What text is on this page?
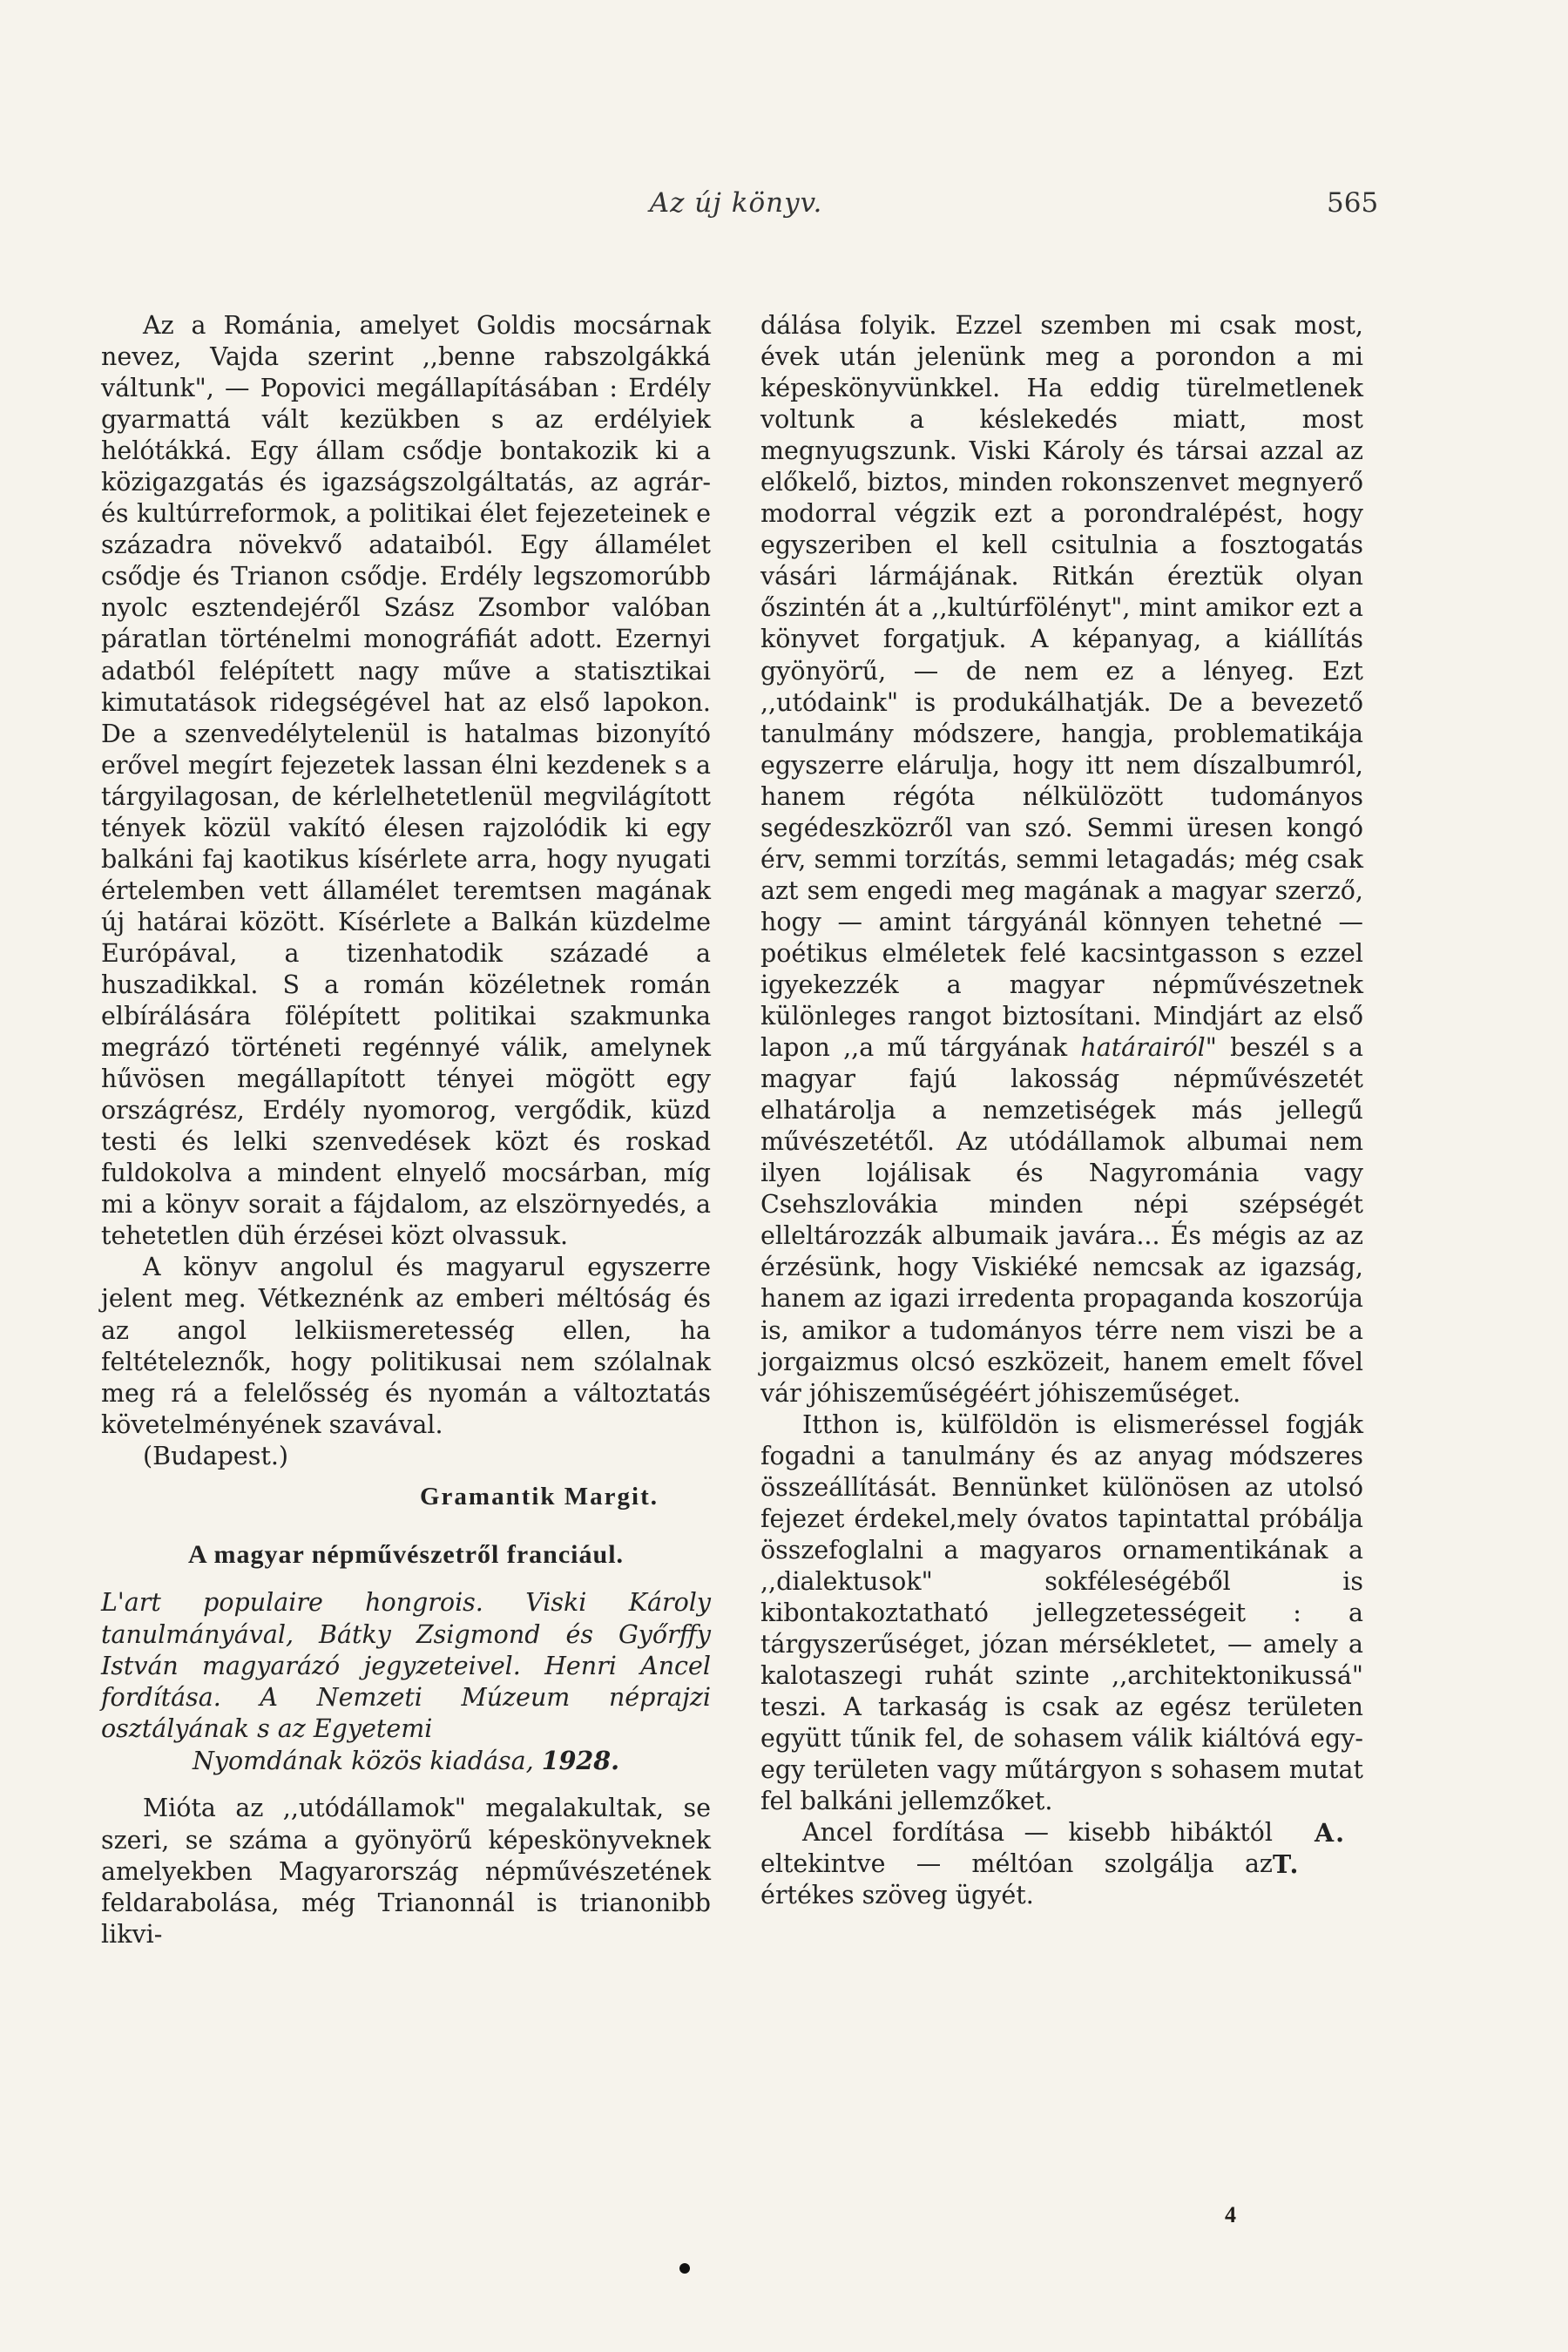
Az új könyv.	565

Az a Románia, amelyet Goldis mocsárnak nevez, Vajda szerint ,,benne rabszolgákká váltunk", — Popovici megállapításában : Erdély gyarmattá vált kezükben s az erdélyiek helótákká. Egy állam csődje bontakozik ki a közigazgatás és igazságszolgáltatás, az agrár- és kultúrreformok, a politikai élet fejezeteinek e századra növekvő adataiból. Egy államélet csődje és Trianon csődje. Erdély legszomorúbb nyolc esztendejéről Szász Zsombor valóban páratlan történelmi monográfiát adott. Ezernyi adatból felépített nagy műve a statisztikai kimutatások ridegségével hat az első lapokon. De a szenvedélytelenül is hatalmas bizonyító erővel megírt fejezetek lassan élni kezdenek s a tárgyilagosan, de kérlelhetetlenül megvilágított tények közül vakító élesen rajzolódik ki egy balkáni faj kaotikus kísérlete arra, hogy nyugati értelemben vett államélet teremtsen magának új határai között. Kísérlete a Balkán küzdelme Európával, a tizenhatodik századé a huszadikkal. S a román közéletnek román elbírálására fölépített politikai szakmunka megrázó történeti regénnyé válik, amelynek hűvösen megállapított tényei mögött egy országrész, Erdély nyomorog, vergődik, küzd testi és lelki szenvedések közt és roskad fuldokolva a mindent elnyelő mocsárban, míg mi a könyv sorait a fájdalom, az elszörnyedés, a tehetetlen düh érzései közt olvassuk.

A könyv angolul és magyarul egyszerre jelent meg. Vétkeznénk az emberi méltóság és az angol lelkiismeretesség ellen, ha feltételeznők, hogy politikusai nem szólalnak meg rá a felelősség és nyomán a változtatás követelményének szavával.

(Budapest.)

Gramantik Margit.

A magyar népművészetről franciául.

L'art populaire hongrois. Viski Károly tanulmányával, Bátky Zsigmond és Győrffy István magyarázó jegyzeteivel. Henri Ancel fordítása. A Nemzeti Múzeum néprajzi osztályának s az Egyetemi
Nyomdának közös kiadása, 1928.

Mióta az ,,utódállamok" megalakultak, se szeri, se száma a gyönyörű képeskönyveknek amelyekben Magyarország népművészetének feldarabolása, még Trianonnál is trianonibb likvi-

dálása folyik. Ezzel szemben mi csak most, évek után jelenünk meg a porondon a mi képeskönyvünkkel. Ha eddig türelmetlenek voltunk a késlekedés miatt, most megnyugszunk. Viski Károly és társai azzal az előkelő, biztos, minden rokonszenvet megnyerő modorral végzik ezt a porondralépést, hogy egyszeriben el kell csitulnia a fosztogatás vásári lármájának. Ritkán éreztük olyan őszintén át a ,,kultúrfölényt", mint amikor ezt a könyvet forgatjuk. A képanyag, a kiállítás gyönyörű, — de nem ez a lényeg. Ezt ,,utódaink" is produkálhatják. De a bevezető tanulmány módszere, hangja, problematikája egyszerre elárulja, hogy itt nem díszalbumról, hanem régóta nélkülözött tudományos segédeszközről van szó. Semmi üresen kongó érv, semmi torzítás, semmi letagadás; még csak azt sem engedi meg magának a magyar szerző, hogy — amint tárgyánál könnyen tehetné — poétikus elméletek felé kacsintgasson s ezzel igyekezzék a magyar népművészetnek különleges rangot biztosítani. Mindjárt az első lapon ,,a mű tárgyának határairól" beszél s a magyar fajú lakosság népművészetét elhatárolja a nemzetiségek más jellegű művészetétől. Az utódállamok albumai nem ilyen lojálisak és Nagyrománia vagy Csehszlovákia minden népi szépségét elleltározzák albumaik javára... És mégis az az érzésünk, hogy Viskiéké nemcsak az igazság, hanem az igazi irredenta propaganda koszorúja is, amikor a tudományos térre nem viszi be a jorgaizmus olcsó eszközeit, hanem emelt fővel vár jóhiszeműségéért jóhiszeműséget.

Itthon is, külföldön is elismeréssel fogják fogadni a tanulmány és az anyag módszeres összeállítását. Bennünket különösen az utolsó fejezet érdekel,mely óvatos tapintattal próbálja összefoglalni a magyaros ornamentikának a ,,dialektusok" sokféleségéből is kibontakoztatható jellegzetességeit : a tárgyszerűséget, józan mérsékletet, — amely a kalotaszegi ruhát szinte ,,architektonikussá" teszi. A tarkaság is csak az egész területen együtt tűnik fel, de sohasem válik kiáltóvá egy-egy területen vagy műtárgyon s sohasem mutat fel balkáni jellemzőket.

Ancel fordítása — kisebb hibáktól eltekintve — méltóan szolgálja az értékes szöveg ügyét.
A. T.

4
